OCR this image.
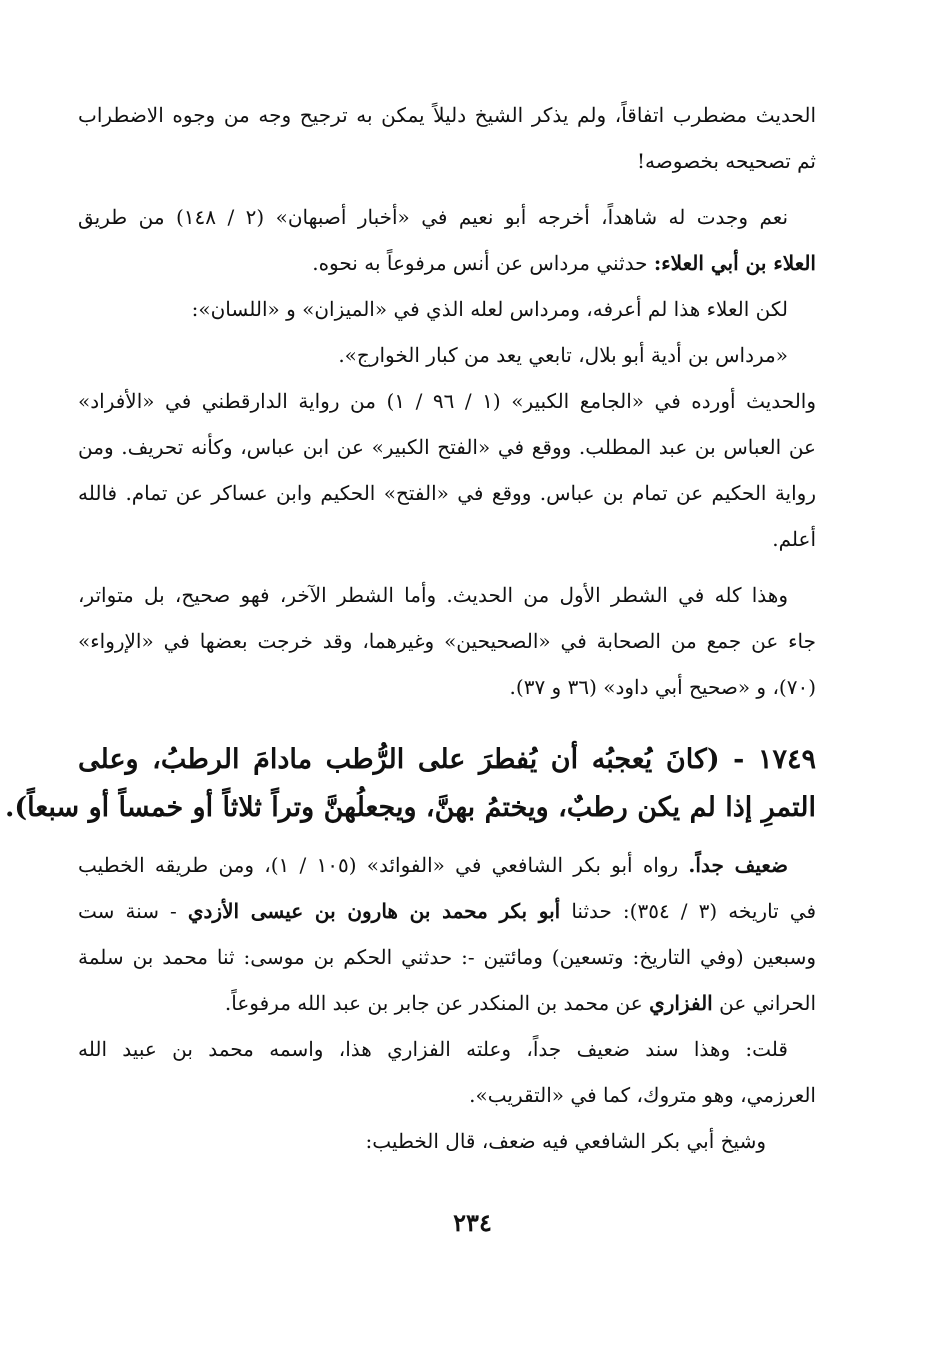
الحديث مضطرب اتفاقاً، ولم يذكر الشيخ دليلاً يمكن به ترجيح وجه من وجوه الاضطراب
ثم تصحيحه بخصوصه!

نعم وجدت له شاهداً، أخرجه أبو نعيم في «أخبار أصبهان» (٢ / ١٤٨) من طريق
العلاء بن أبي العلاء: حدثني مرداس عن أنس مرفوعاً به نحوه.

لكن العلاء هذا لم أعرفه، ومرداس لعله الذي في «الميزان» و «اللسان»:
«مرداس بن أدية أبو بلال، تابعي يعد من كبار الخوارج».

والحديث أورده في «الجامع الكبير» (١ / ٩٦ / ١) من رواية الدارقطني في «الأفراد»
عن العباس بن عبد المطلب. ووقع في «الفتح الكبير» عن ابن عباس، وكأنه تحريف. ومن
رواية الحكيم عن تمام بن عباس. ووقع في «الفتح» الحكيم وابن عساكر عن تمام. فالله
أعلم.

وهذا كله في الشطر الأول من الحديث. وأما الشطر الآخر، فهو صحيح، بل متواتر،
جاء عن جمع من الصحابة في «الصحيحين» وغيرهما، وقد خرجت بعضها في «الإرواء»
(٧٠)، و «صحيح أبي داود» (٣٦ و ٣٧).

١٧٤٩ - (كانَ يُعجبُه أن يُفطرَ على الرُّطب مادامَ الرطبُ، وعلى
التمرِ إذا لم يكن رطبٌ، ويختمُ بهنَّ، ويجعلُهنَّ وتراً ثلاثاً أو خمساً أو سبعاً).

ضعيف جداً. رواه أبو بكر الشافعي في «الفوائد» (١٠٥ / ١)، ومن طريقه الخطيب
في تاريخه (٣ / ٣٥٤): حدثنا أبو بكر محمد بن هارون بن عيسى الأزدي - سنة ست
وسبعين (وفي التاريخ: وتسعين) ومائتين -: حدثني الحكم بن موسى: ثنا محمد بن سلمة
الحراني عن الفزاري عن محمد بن المنكدر عن جابر بن عبد الله مرفوعاً.

قلت: وهذا سند ضعيف جداً، وعلته الفزاري هذا، واسمه محمد بن عبيد الله
العرزمي، وهو متروك، كما في «التقريب».

وشيخ أبي بكر الشافعي فيه ضعف، قال الخطيب:

٢٣٤
